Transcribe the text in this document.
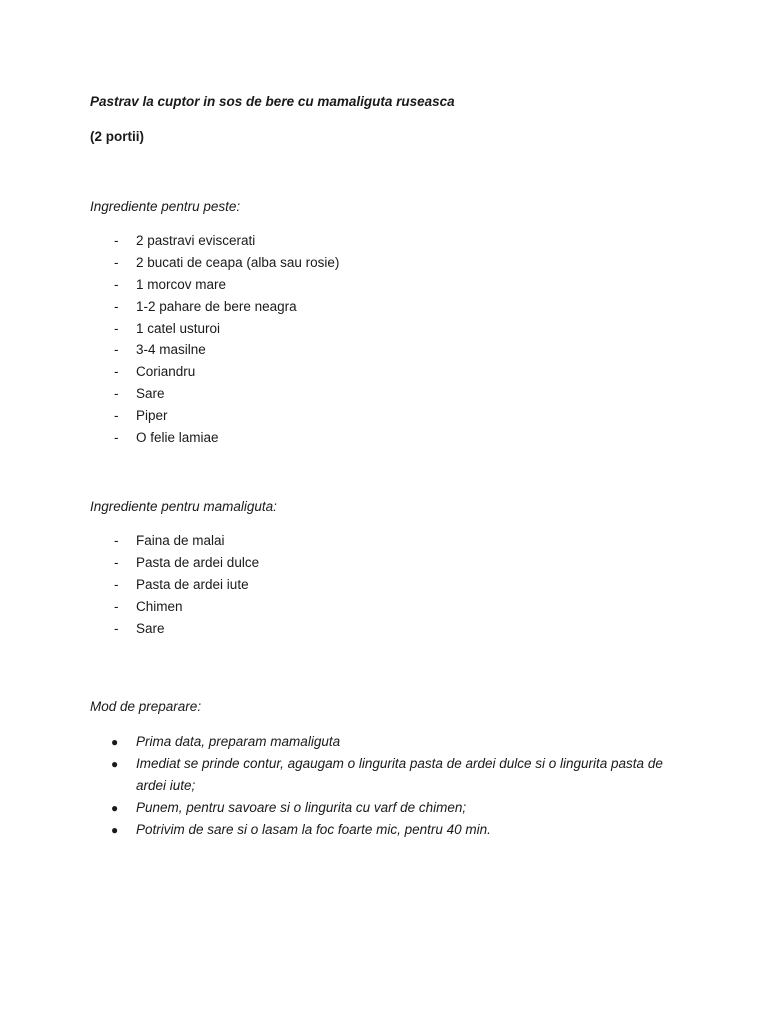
Pastrav la cuptor in sos de bere cu mamaliguta ruseasca
(2 portii)
Ingrediente pentru peste:
- 2 pastravi eviscerati
- 2 bucati de ceapa (alba sau rosie)
- 1 morcov mare
- 1-2 pahare de bere neagra
- 1 catel usturoi
- 3-4 masilne
- Coriandru
- Sare
- Piper
- O felie lamiae
Ingrediente pentru mamaliguta:
- Faina de malai
- Pasta de ardei dulce
- Pasta de ardei iute
- Chimen
- Sare
Mod de preparare:
● Prima data, preparam mamaliguta
● Imediat se prinde contur, agaugam o lingurita pasta de ardei dulce si o lingurita pasta de ardei iute;
● Punem, pentru savoare si o lingurita cu varf de chimen;
● Potrivim de sare si o lasam la foc foarte mic, pentru 40 min.
